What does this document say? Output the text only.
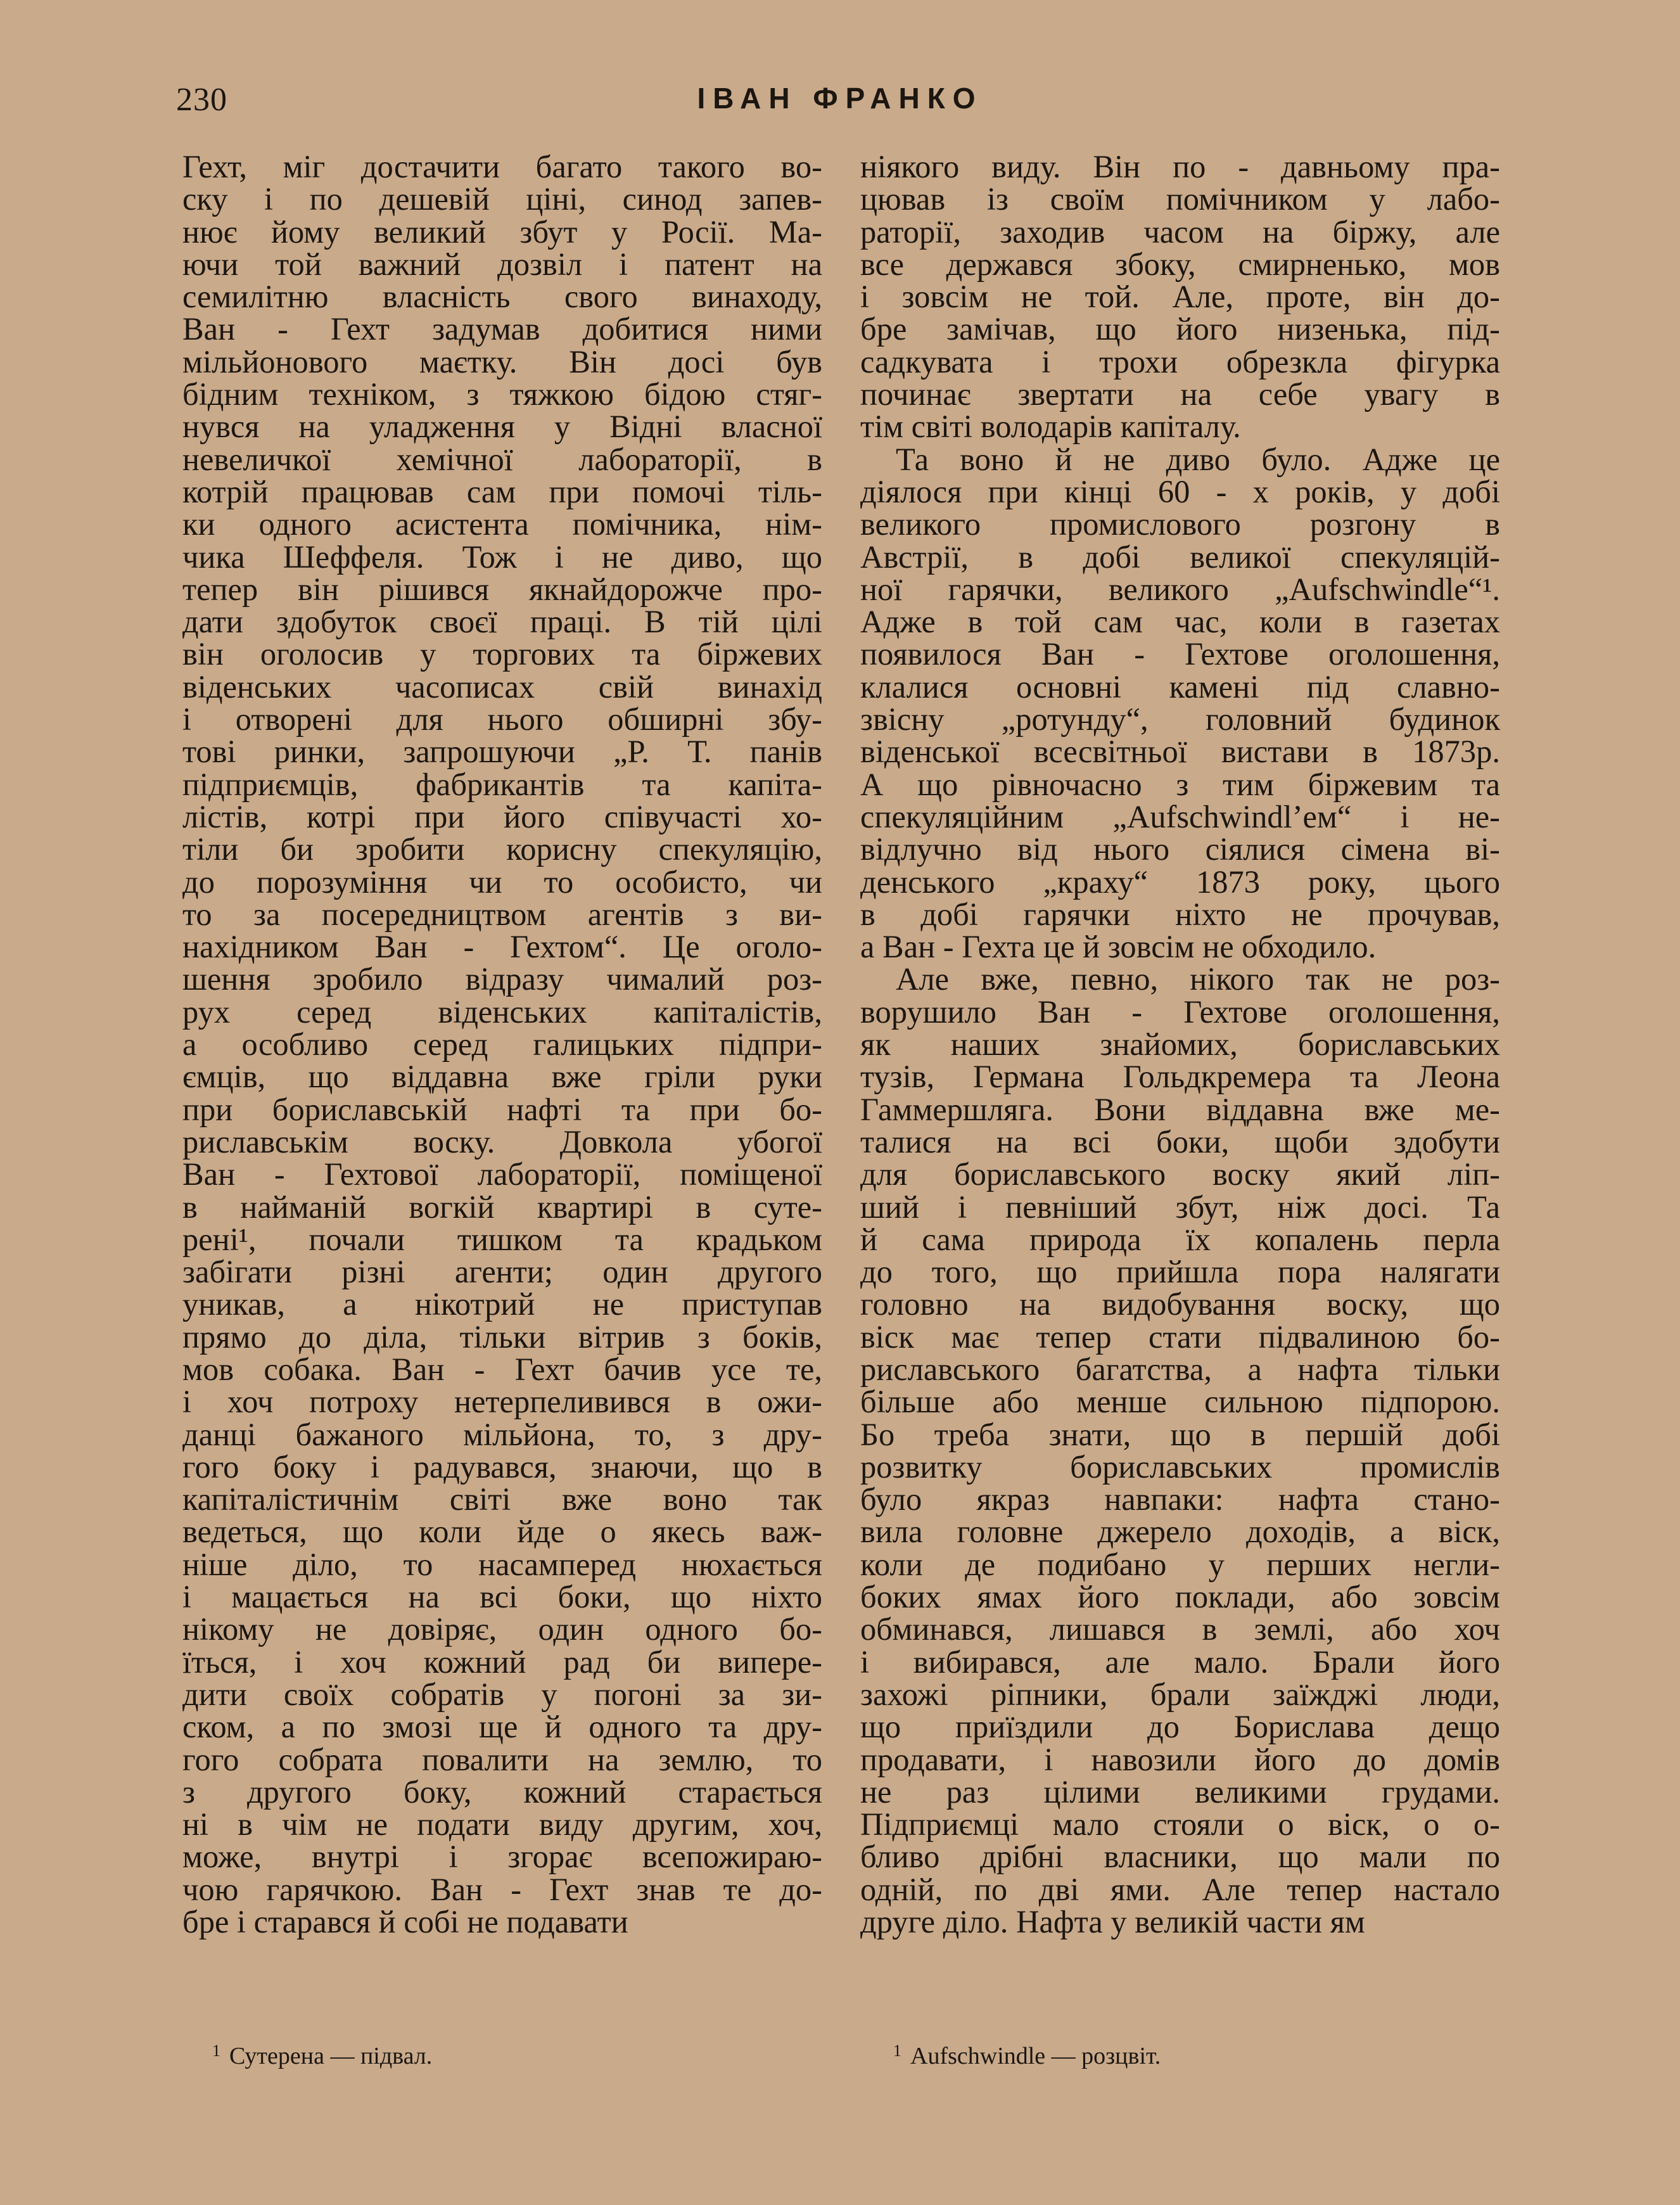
230	ІВАН ФРАНКО
Гехт, міг достачити багато такого во-
ску і по дешевій ціні, синод запев-
нює йому великий збут у Росії. Ма-
ючи той важний дозвіл і патент на
семилітню власність свого винаходу,
Ван - Гехт задумав добитися ними
мільйонового маєтку. Він досі був
бідним техніком, з тяжкою бідою стяг-
нувся на уладження у Відні власної
невеличкої хемічної лабораторії, в
котрій працював сам при помочі тіль-
ки одного асистента помічника, нім-
чика Шеффеля. Тож і не диво, що
тепер він рішився якнайдорожче про-
дати здобуток своєї праці. В тій цілі
він оголосив у торгових та біржевих
віденських часописах свій винахід
і отворені для нього обширні збу-
тові ринки, запрошуючи „Р. Т. панів
підприємців, фабрикантів та капіта-
лістів, котрі при його співучасті хо-
тіли би зробити корисну спекуляцію,
до порозуміння чи то особисто, чи
то за посередництвом агентів з ви-
нахідником Ван - Гехтом“. Це оголо-
шення зробило відразу чималий роз-
рух серед віденських капіталістів,
а особливо серед галицьких підпри-
ємців, що віддавна вже гріли руки
при бориславській нафті та при бо-
риславськім воску. Довкола убогої
Ван - Гехтової лабораторії, поміщеної
в найманій вогкій квартирі в суте-
рені¹, почали тишком та крадьком
забігати різні агенти; один другого
уникав, а нікотрий не приступав
прямо до діла, тільки вітрив з боків,
мов собака. Ван - Гехт бачив усе те,
і хоч потроху нетерпеливився в ожи-
данці бажаного мільйона, то, з дру-
гого боку і радувався, знаючи, що в
капіталістичнім світі вже воно так
ведеться, що коли йде о якесь важ-
ніше діло, то насамперед нюхається
і мацається на всі боки, що ніхто
нікому не довіряє, один одного бо-
їться, і хоч кожний рад би випере-
дити своїх собратів у погоні за зи-
ском, а по змозі ще й одного та дру-
гого собрата повалити на землю, то
з другого боку, кожний старається
ні в чім не подати виду другим, хоч,
може, внутрі і згорає всепожираю-
чою гарячкою. Ван - Гехт знав те до-
бре і старався й собі не подавати
ніякого виду. Він по - давньому пра-
цював із своїм помічником у лабо-
раторії, заходив часом на біржу, але
все держався збоку, смирненько, мов
і зовсім не той. Але, проте, він до-
бре замічав, що його низенька, під-
садкувата і трохи обрезкла фігурка
починає звертати на себе увагу в
тім світі володарів капіталу.
Та воно й не диво було. Адже це
діялося при кінці 60 - х років, у добі
великого промислового розгону в
Австрії, в добі великої спекуляцій-
ної гарячки, великого „Aufschwindle“¹.
Адже в той сам час, коли в газетах
появилося Ван - Гехтове оголошення,
клалися основні камені під славно-
звісну „ротунду“, головний будинок
віденської всесвітньої вистави в 1873р.
А що рівночасно з тим біржевим та
спекуляційним „Aufschwindl’ем“ і не-
відлучно від нього сіялися сімена ві-
денського „краху“ 1873 року, цього
в добі гарячки ніхто не прочував,
а Ван - Гехта це й зовсім не обходило.
Але вже, певно, нікого так не роз-
ворушило Ван - Гехтове оголошення,
як наших знайомих, бориславських
тузів, Германа Гольдкремера та Леона
Гаммершляга. Вони віддавна вже ме-
талися на всі боки, щоби здобути
для бориславського воску який ліп-
ший і певніший збут, ніж досі. Та
й сама природа їх копалень перла
до того, що прийшла пора налягати
головно на видобування воску, що
віск має тепер стати підвалиною бо-
риславського багатства, а нафта тільки
більше або менше сильною підпорою.
Бо треба знати, що в першій добі
розвитку бориславських промислів
було якраз навпаки: нафта стано-
вила головне джерело доходів, а віск,
коли де подибано у перших негли-
боких ямах його поклади, або зовсім
обминався, лишався в землі, або хоч
і вибирався, але мало. Брали його
захожі ріпники, брали заїжджі люди,
що приїздили до Борислава дещо
продавати, і навозили його до домів
не раз цілими великими грудами.
Підприємці мало стояли о віск, о о-
бливо дрібні власники, що мали по
одній, по дві ями. Але тепер настало
друге діло. Нафта у великій части ям
$^1$ Сутерена — підвал.	$^1$ Aufschwindle — розцвіт.
